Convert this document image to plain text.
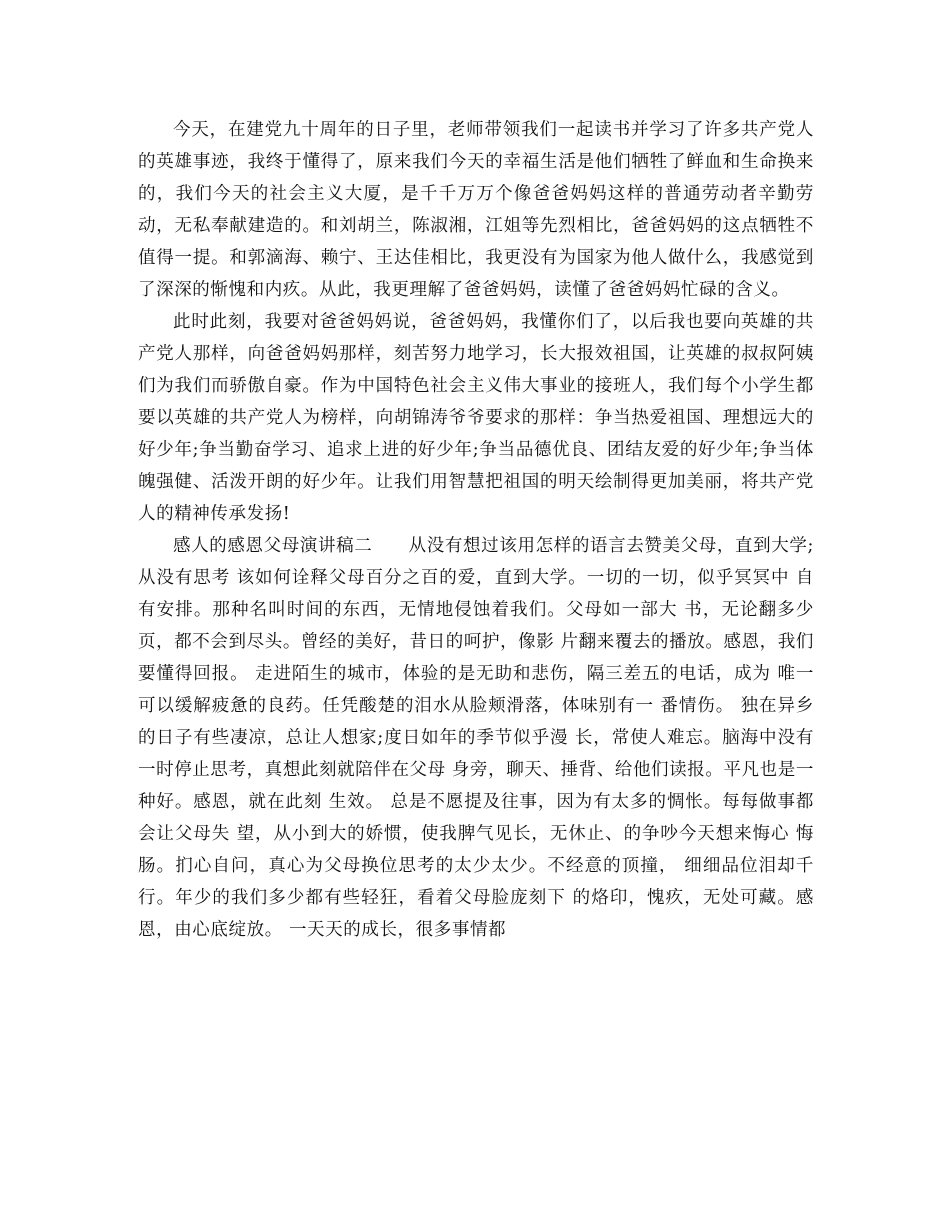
今天，在建党九十周年的日子里，老师带领我们一起读书并学习了许多共产党人的英雄事迹，我终于懂得了，原来我们今天的幸福生活是他们牺牲了鲜血和生命换来的，我们今天的社会主义大厦，是千千万万个像爸爸妈妈这样的普通劳动者辛勤劳动，无私奉献建造的。和刘胡兰，陈淑湘，江姐等先烈相比，爸爸妈妈的这点牺牲不值得一提。和郭滴海、赖宁、王达佳相比，我更没有为国家为他人做什么，我感觉到了深深的惭愧和内疚。从此，我更理解了爸爸妈妈，读懂了爸爸妈妈忙碌的含义。

此时此刻，我要对爸爸妈妈说，爸爸妈妈，我懂你们了，以后我也要向英雄的共产党人那样，向爸爸妈妈那样，刻苦努力地学习，长大报效祖国，让英雄的叔叔阿姨们为我们而骄傲自豪。作为中国特色社会主义伟大事业的接班人，我们每个小学生都要以英雄的共产党人为榜样，向胡锦涛爷爷要求的那样：争当热爱祖国、理想远大的好少年;争当勤奋学习、追求上进的好少年;争当品德优良、团结友爱的好少年;争当体魄强健、活泼开朗的好少年。让我们用智慧把祖国的明天绘制得更加美丽，将共产党人的精神传承发扬!

感人的感恩父母演讲稿二　　从没有想过该用怎样的语言去赞美父母，直到大学;从没有思考 该如何诠释父母百分之百的爱，直到大学。一切的一切，似乎冥冥中 自有安排。那种名叫时间的东西，无情地侵蚀着我们。父母如一部大 书，无论翻多少页，都不会到尽头。曾经的美好，昔日的呵护，像影 片翻来覆去的播放。感恩，我们要懂得回报。 走进陌生的城市，体验的是无助和悲伤，隔三差五的电话，成为 唯一可以缓解疲惫的良药。任凭酸楚的泪水从脸颊滑落，体味别有一 番情伤。 独在异乡的日子有些凄凉，总让人想家;度日如年的季节似乎漫 长，常使人难忘。脑海中没有一时停止思考，真想此刻就陪伴在父母 身旁，聊天、捶背、给他们读报。平凡也是一种好。感恩，就在此刻 生效。 总是不愿提及往事，因为有太多的惆怅。每每做事都会让父母失 望，从小到大的娇惯，使我脾气见长，无休止、的争吵今天想来悔心 悔肠。扪心自问，真心为父母换位思考的太少太少。不经意的顶撞， 细细品位泪却千行。年少的我们多少都有些轻狂，看着父母脸庞刻下 的烙印，愧疚，无处可藏。感恩，由心底绽放。 一天天的成长，很多事情都
